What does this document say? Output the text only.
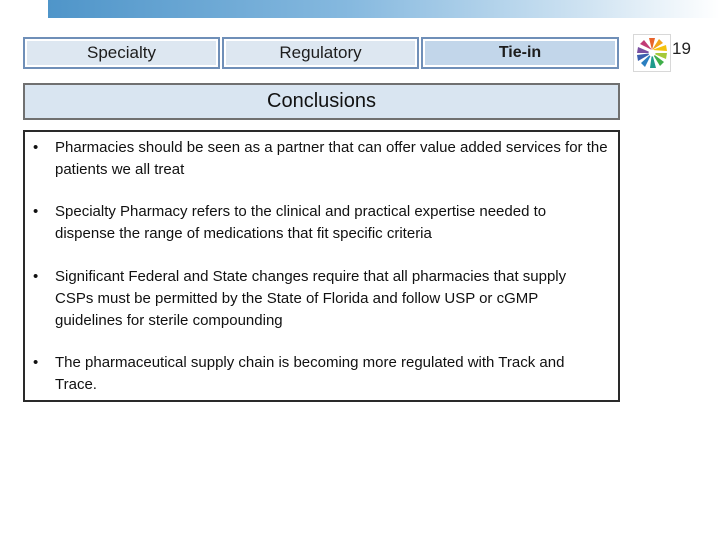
Specialty	Regulatory	Tie-in	19
Conclusions
•	Pharmacies should be seen as a partner that can offer value added services for the patients we all treat
•	Specialty Pharmacy refers to the clinical and practical expertise needed to dispense the range of medications that fit specific criteria
•	Significant Federal and State changes require that all pharmacies that supply CSPs must be permitted by the State of Florida and follow USP or cGMP guidelines for sterile compounding
•	The pharmaceutical supply chain is becoming more regulated with Track and Trace.
